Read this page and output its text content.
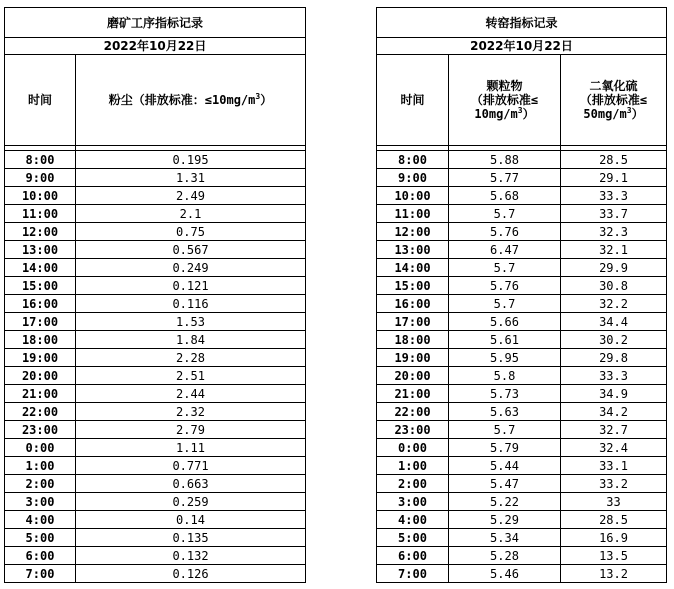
磨矿工序指标记录	
2022年10月22日	
时间	粉尘（排放标准：$\le 10mg/m^3$）

8:00	0.195
9:00	1.31
10:00	2.49
11:00	2.1
12:00	0.75
13:00	0.567
14:00	0.249
15:00	0.121
16:00	0.116
17:00	1.53
18:00	1.84
19:00	2.28
20:00	2.51
21:00	2.44
22:00	2.32
23:00	2.79
0:00	1.11
1:00	0.771
2:00	0.663
3:00	0.259
4:00	0.14
5:00	0.135
6:00	0.132
7:00	0.126
转窑指标记录		
2022年10月22日		
时间	颗粒物
（排放标准≤
$10mg/m^3$）	二氧化硫
（排放标准≤
$50mg/m^3$）

8:00	5.88	28.5
9:00	5.77	29.1
10:00	5.68	33.3
11:00	5.7	33.7
12:00	5.76	32.3
13:00	6.47	32.1
14:00	5.7	29.9
15:00	5.76	30.8
16:00	5.7	32.2
17:00	5.66	34.4
18:00	5.61	30.2
19:00	5.95	29.8
20:00	5.8	33.3
21:00	5.73	34.9
22:00	5.63	34.2
23:00	5.7	32.7
0:00	5.79	32.4
1:00	5.44	33.1
2:00	5.47	33.2
3:00	5.22	33
4:00	5.29	28.5
5:00	5.34	16.9
6:00	5.28	13.5
7:00	5.46	13.2
